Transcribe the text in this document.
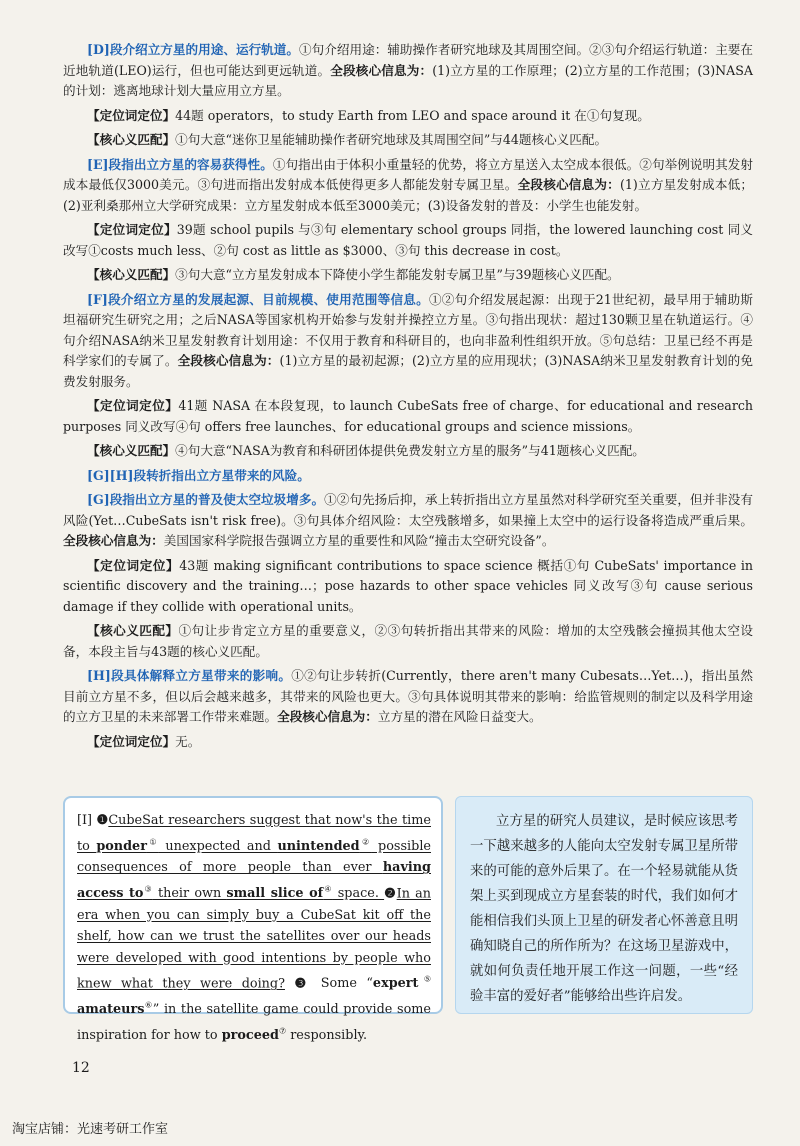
[D]段介绍立方星的用途、运行轨道。①句介绍用途：辅助操作者研究地球及其周围空间。②③句介绍运行轨道：主要在近地轨道(LEO)运行，但也可能达到更远轨道。全段核心信息为：(1)立方星的工作原理；(2)立方星的工作范围；(3)NASA的计划：逃离地球计划大量应用立方星。

【定位词定位】44题 operators，to study Earth from LEO and space around it 在①句复现。

【核心义匹配】①句大意“迷你卫星能辅助操作者研究地球及其周围空间”与44题核心义匹配。

[E]段指出立方星的容易获得性。①句指出由于体积小重量轻的优势，将立方星送入太空成本很低。②句举例说明其发射成本最低仅3000美元。③句进而指出发射成本低使得更多人都能发射专属卫星。全段核心信息为：(1)立方星发射成本低；(2)亚利桑那州立大学研究成果：立方星发射成本低至3000美元；(3)设备发射的普及：小学生也能发射。

【定位词定位】39题 school pupils 与③句 elementary school groups 同指，the lowered launching cost 同义改写①costs much less、②句 cost as little as $3000、③句 this decrease in cost。

【核心义匹配】③句大意“立方星发射成本下降使小学生都能发射专属卫星”与39题核心义匹配。

[F]段介绍立方星的发展起源、目前规模、使用范围等信息。①②句介绍发展起源：出现于21世纪初，最早用于辅助斯坦福研究生研究之用；之后NASA等国家机构开始参与发射并操控立方星。③句指出现状：超过130颗卫星在轨道运行。④句介绍NASA纳米卫星发射教育计划用途：不仅用于教育和科研目的，也向非盈利性组织开放。⑤句总结：卫星已经不再是科学家们的专属了。全段核心信息为：(1)立方星的最初起源；(2)立方星的应用现状；(3)NASA纳米卫星发射教育计划的免费发射服务。

【定位词定位】41题 NASA 在本段复现，to launch CubeSats free of charge、for educational and research purposes 同义改写④句 offers free launches、for educational groups and science missions。

【核心义匹配】④句大意“NASA为教育和科研团体提供免费发射立方星的服务”与41题核心义匹配。

[G][H]段转折指出立方星带来的风险。

[G]段指出立方星的普及使太空垃圾增多。①②句先扬后抑，承上转折指出立方星虽然对科学研究至关重要，但并非没有风险(Yet…CubeSats isn't risk free)。③句具体介绍风险：太空残骸增多，如果撞上太空中的运行设备将造成严重后果。全段核心信息为：美国国家科学院报告强调立方星的重要性和风险“撞击太空研究设备”。

【定位词定位】43题 making significant contributions to space science 概括①句 CubeSats' importance in scientific discovery and the training…；pose hazards to other space vehicles 同义改写③句 cause serious damage if they collide with operational units。

【核心义匹配】①句让步肯定立方星的重要意义，②③句转折指出其带来的风险：增加的太空残骸会撞损其他太空设备，本段主旨与43题的核心义匹配。

[H]段具体解释立方星带来的影响。①②句让步转折(Currently，there aren't many Cubesats…Yet…)，指出虽然目前立方星不多，但以后会越来越多，其带来的风险也更大。③句具体说明其带来的影响：给监管规则的制定以及科学用途的立方卫星的未来部署工作带来难题。全段核心信息为：立方星的潜在风险日益变大。

【定位词定位】无。

[I] ❶CubeSat researchers suggest that now's the time to ponder① unexpected and unintended② possible consequences of more people than ever having access to③ their own small slice of④ space. ❷In an era when you can simply buy a CubeSat kit off the shelf, how can we trust the satellites over our heads were developed with good intentions by people who knew what they were doing? ❸ Some “expert⑤ amateurs⑥” in the satellite game could provide some inspiration for how to proceed⑦ responsibly.

立方星的研究人员建议，是时候应该思考一下越来越多的人能向太空发射专属卫星所带来的可能的意外后果了。在一个轻易就能从货架上买到现成立方星套装的时代，我们如何才能相信我们头顶上卫星的研发者心怀善意且明确知晓自己的所作所为？在这场卫星游戏中，就如何负责任地开展工作这一问题，一些“经验丰富的爱好者”能够给出些许启发。

12
淘宝店铺：光速考研工作室
